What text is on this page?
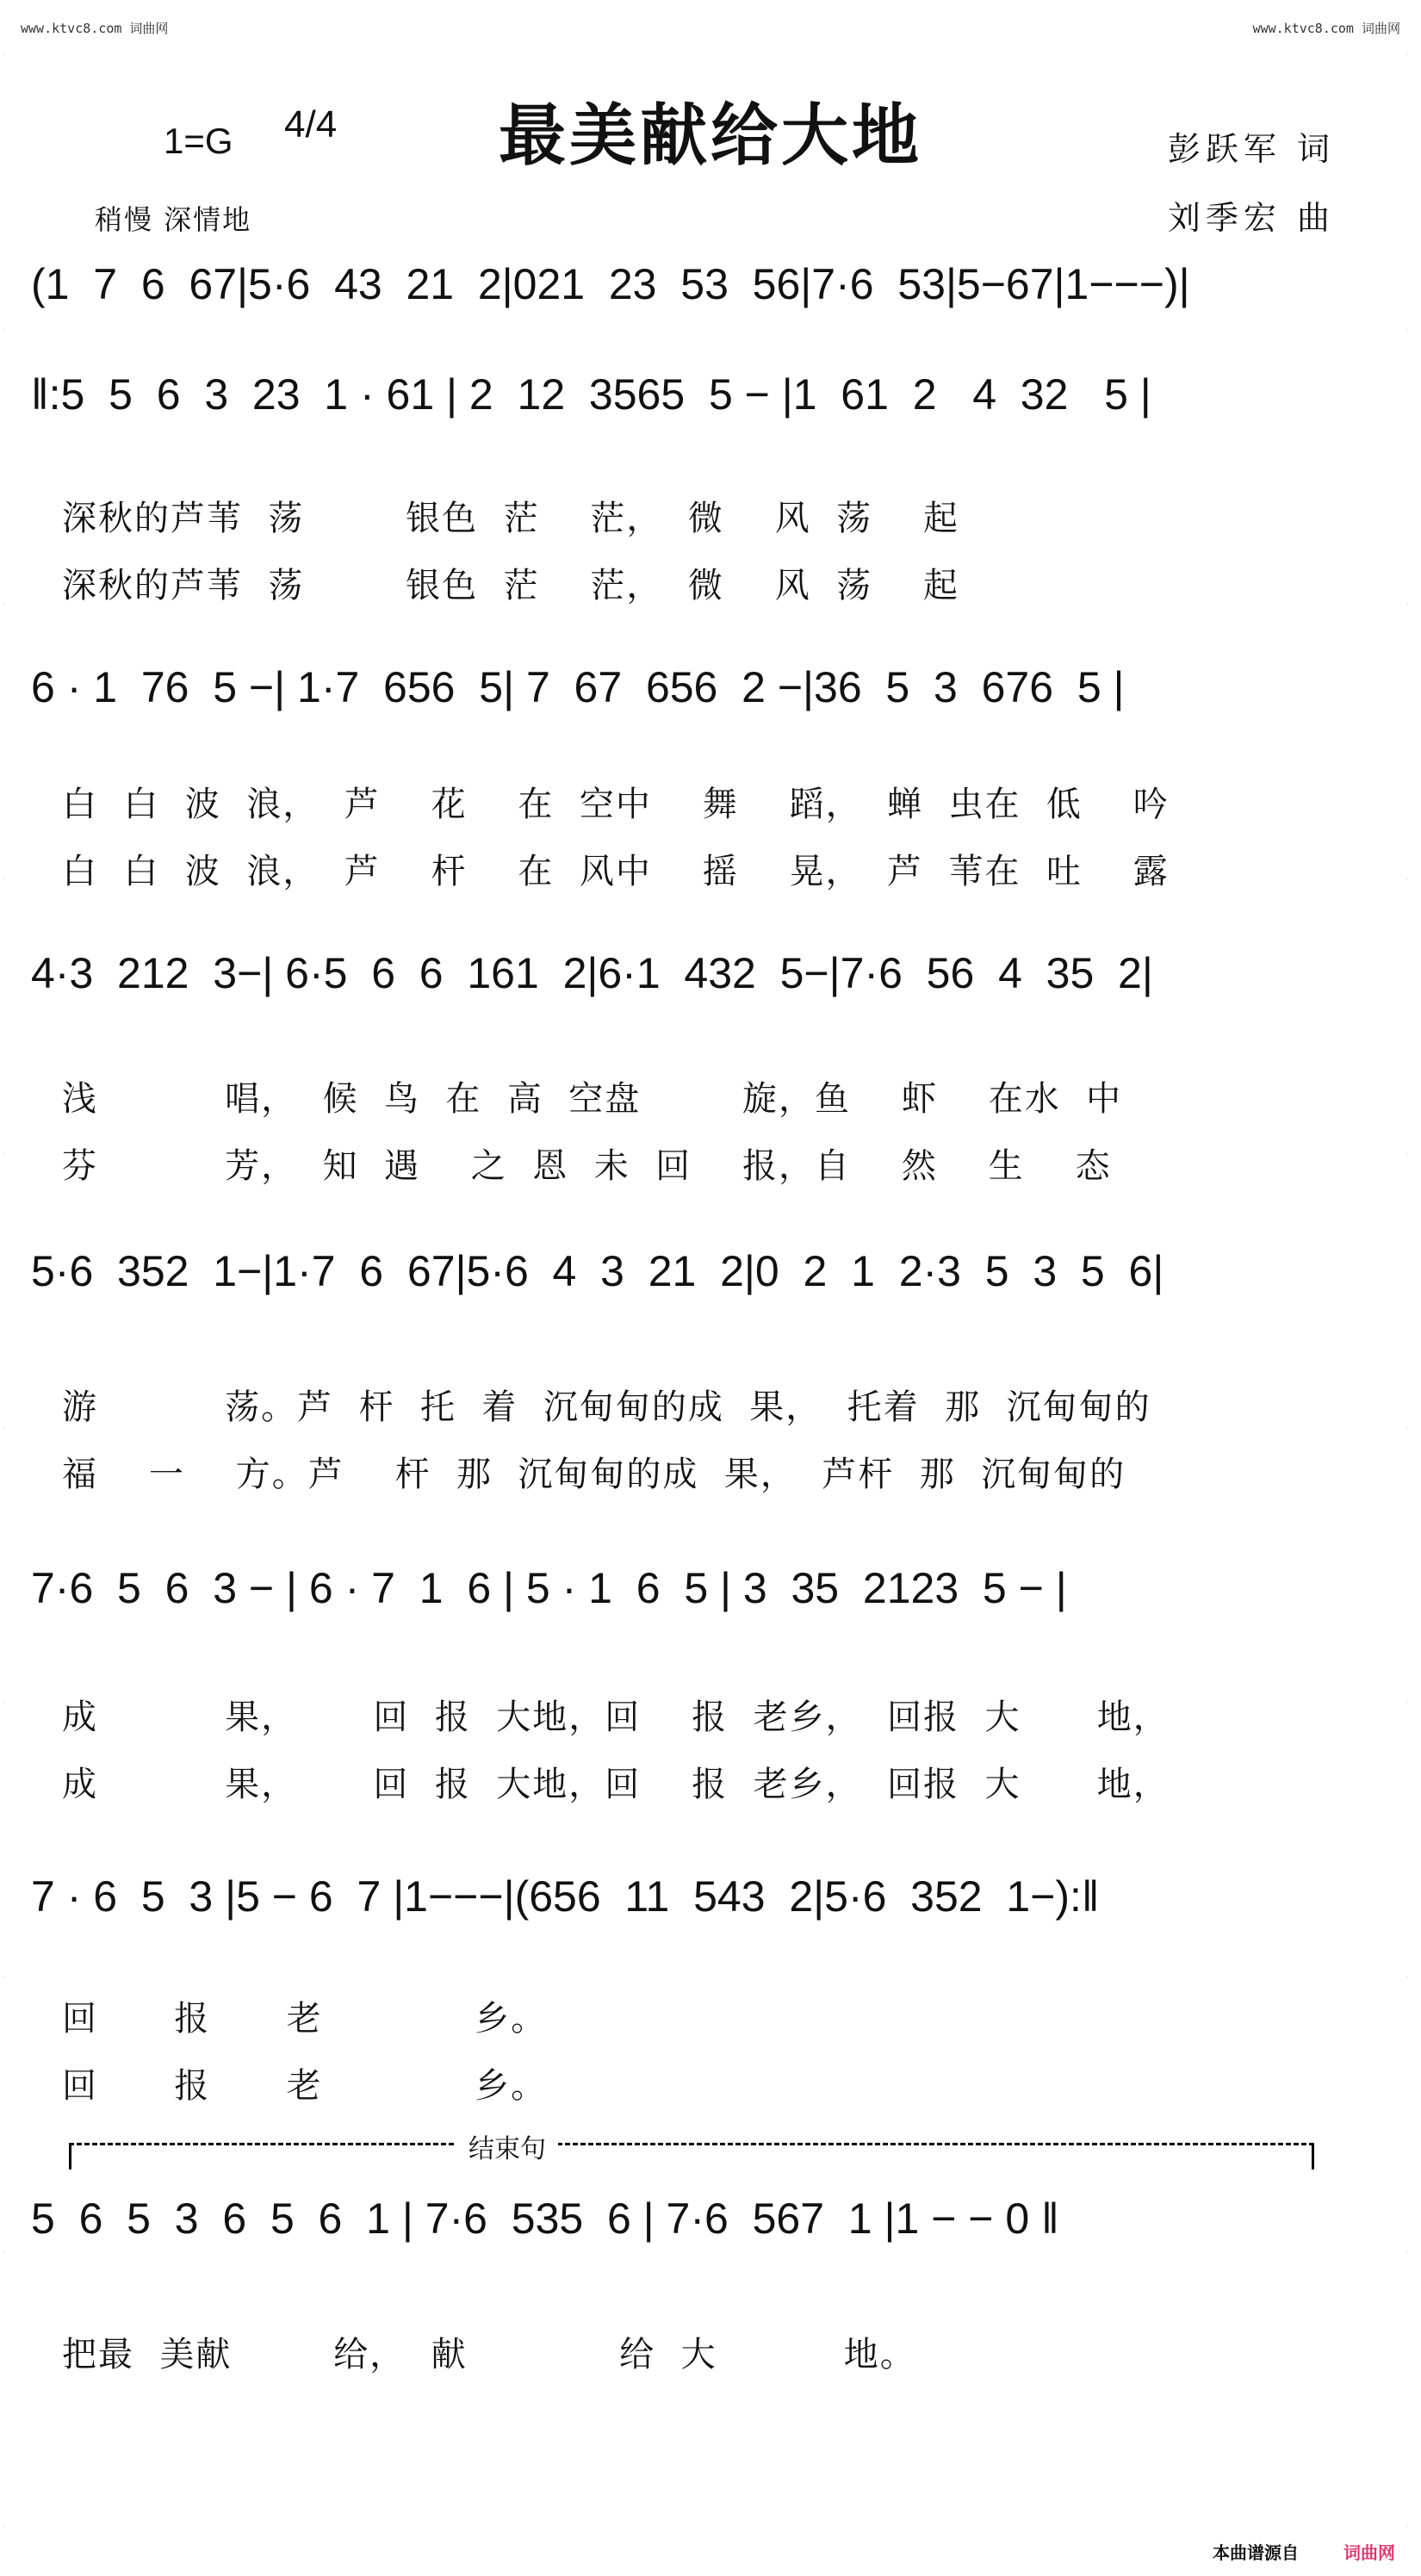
www.ktvc8.com 词曲网	www.ktvc8.com 词曲网
·
·
·
·
·
·
·
·
·
·
·
·
·
·
·
·
·
·
·
·
最美献给大地
1=G 4/4
稍慢 深情地
彭跃军 词
刘季宏 曲
(1  7  6  67|5·6  43  21  2|021  23  53  56|7·6  53|5−67|1−−−)|
‖:5  5  6  3  23  1 · 61 | 2  12  3565  5 − |1  61  2   4  32   5 |
深秋的芦苇  荡        银色  茫    茫，  微    风  荡    起
深秋的芦苇  荡        银色  茫    茫，  微    风  荡    起
6 · 1  76  5 −| 1·7  656  5| 7  67  656  2 −|36  5  3  676  5 |
白  白  波  浪，  芦    花    在  空中    舞    蹈，  蝉  虫在  低    吟
白  白  波  浪，  芦    杆    在  风中    摇    晃，  芦  苇在  吐    露
4·3  212  3−| 6·5  6  6  161  2|6·1  432  5−|7·6  56  4  35  2|
浅          唱，  候  鸟  在  高  空盘        旋，鱼    虾    在水  中
芬          芳，  知  遇    之  恩  未  回    报，自    然    生    态
5·6  352  1−|1·7  6  67|5·6  4  3  21  2|0  2  1  2·3  5  3  5  6|
游          荡。芦  杆  托  着  沉甸甸的成  果，  托着  那  沉甸甸的
福    一    方。芦    杆  那  沉甸甸的成  果，  芦杆  那  沉甸甸的
7·6  5  6  3 − | 6 · 7  1  6 | 5 · 1  6  5 | 3  35  2123  5 − |
成          果，      回  报  大地，回    报  老乡，  回报  大      地，
成          果，      回  报  大地，回    报  老乡，  回报  大      地，
7 · 6  5  3 |5 − 6  7 |1−−−|(656  11  543  2|5·6  352  1−):‖
回      报      老            乡。
回      报      老            乡。
结束句
5  6  5  3  6  5  6  1 | 7·6  535  6 | 7·6  567  1 |1 − − 0 ‖
把最  美献        给，  献            给  大          地。
本曲谱源自	词曲网
